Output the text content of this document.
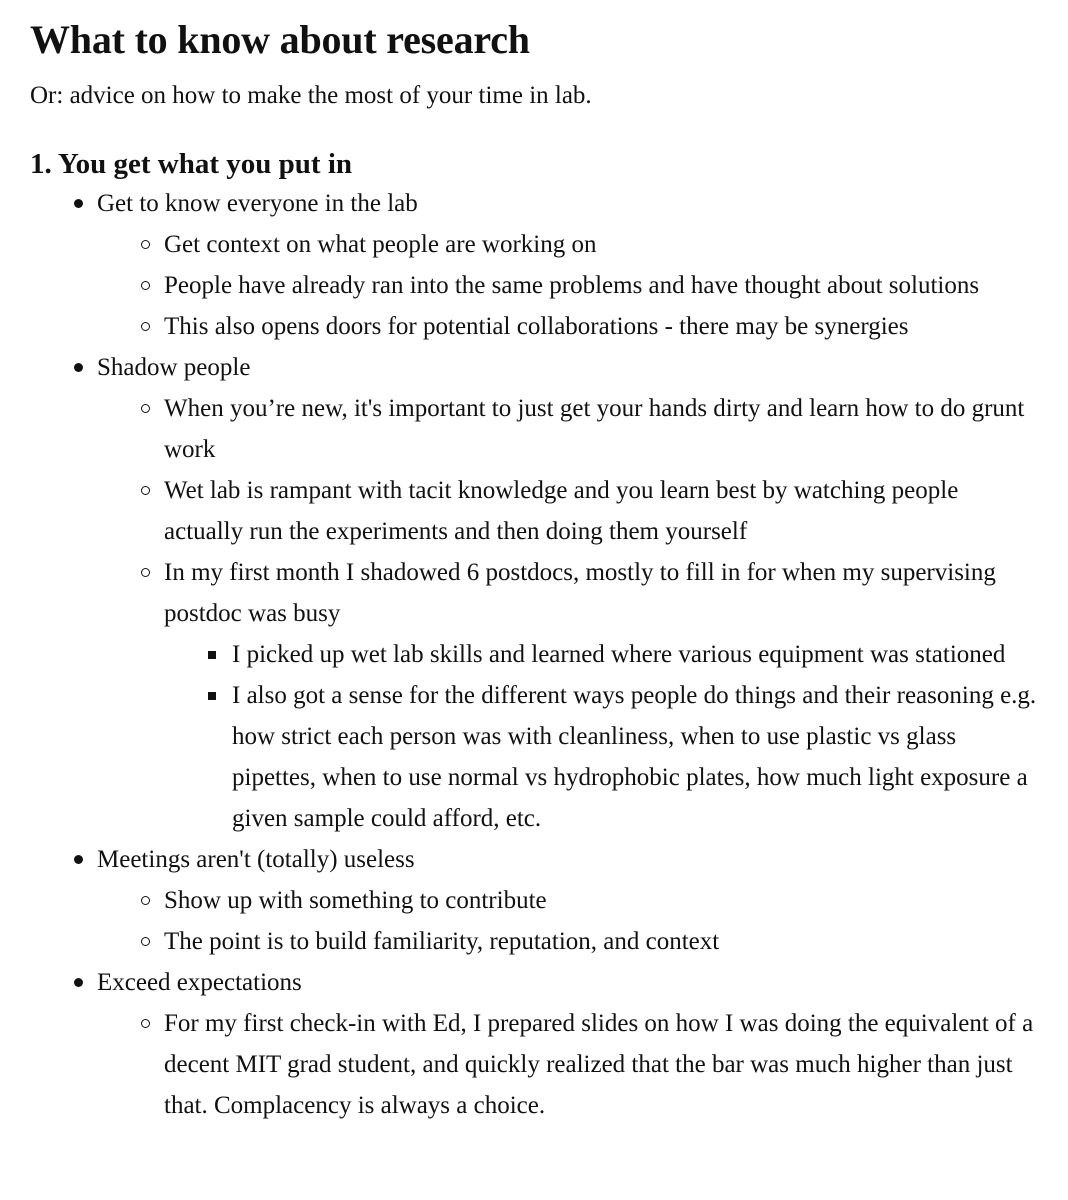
What to know about research

Or: advice on how to make the most of your time in lab.

1. You get what you put in
Get to know everyone in the lab
Get context on what people are working on
People have already ran into the same problems and have thought about solutions
This also opens doors for potential collaborations - there may be synergies
Shadow people
When you’re new, it's important to just get your hands dirty and learn how to do grunt work
Wet lab is rampant with tacit knowledge and you learn best by watching people actually run the experiments and then doing them yourself
In my first month I shadowed 6 postdocs, mostly to fill in for when my supervising postdoc was busy
I picked up wet lab skills and learned where various equipment was stationed
I also got a sense for the different ways people do things and their reasoning e.g. how strict each person was with cleanliness, when to use plastic vs glass pipettes, when to use normal vs hydrophobic plates, how much light exposure a given sample could afford, etc.
Meetings aren't (totally) useless
Show up with something to contribute
The point is to build familiarity, reputation, and context
Exceed expectations
For my first check-in with Ed, I prepared slides on how I was doing the equivalent of a decent MIT grad student, and quickly realized that the bar was much higher than just that. Complacency is always a choice.
